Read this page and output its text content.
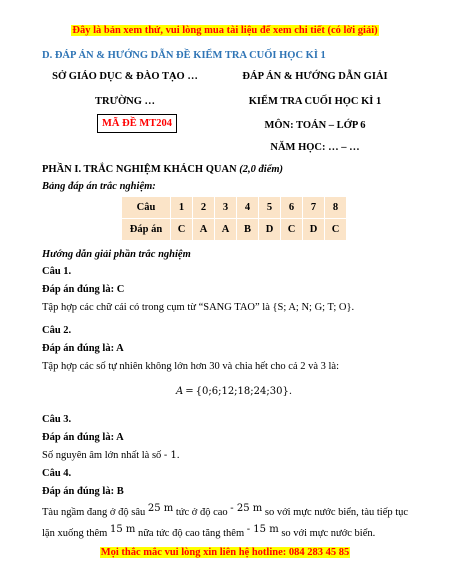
Đây là bản xem thử, vui lòng mua tài liệu để xem chi tiết (có lời giải)
D. ĐÁP ÁN & HƯỚNG DẪN ĐỀ KIỂM TRA CUỐI HỌC KÌ 1
SỞ GIÁO DỤC & ĐÀO TẠO …
TRƯỜNG …
MÃ ĐỀ MT204
ĐÁP ÁN & HƯỚNG DẪN GIẢI
KIỂM TRA CUỐI HỌC KÌ 1
MÔN: TOÁN – LỚP 6
NĂM HỌC: … – …
PHẦN I. TRẮC NGHIỆM KHÁCH QUAN (2,0 điểm)
Bảng đáp án trắc nghiệm:
Câu	1	2	3	4	5	6	7	8
Đáp án	C	A	A	B	D	C	D	C
Hướng dẫn giải phần trắc nghiệm
Câu 1.
Đáp án đúng là: C
Tập hợp các chữ cái có trong cụm từ “SANG TAO” là {S; A; N; G; T; O}.
Câu 2.
Đáp án đúng là: A
Tập hợp các số tự nhiên không lớn hơn 30 và chia hết cho cả 2 và 3 là:
A = {0;6;12;18;24;30}.
Câu 3.
Đáp án đúng là: A
Số nguyên âm lớn nhất là số - 1.
Câu 4.
Đáp án đúng là: B
Tàu ngầm đang ở độ sâu 25 m tức ở độ cao - 25 m so với mực nước biển, tàu tiếp tục
lặn xuống thêm 15 m nữa tức độ cao tăng thêm - 15 m so với mực nước biển.
Mọi thắc mắc vui lòng xin liên hệ hotline: 084 283 45 85
